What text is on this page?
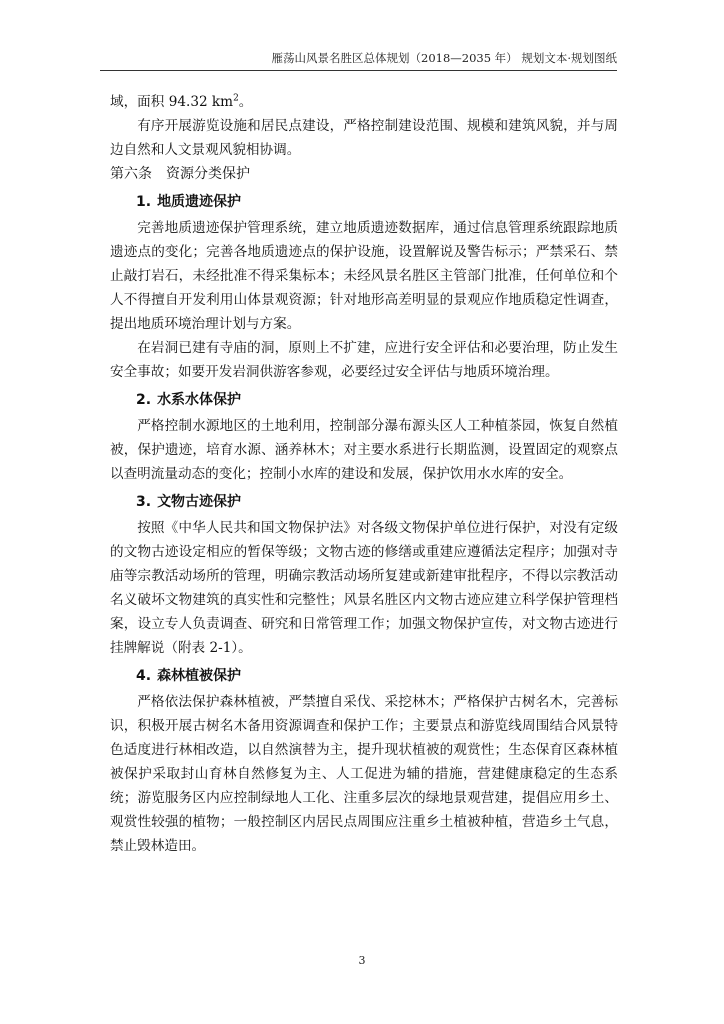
雁荡山风景名胜区总体规划（2018—2035 年） 规划文本·规划图纸

域，面积 94.32 $km^2$。

有序开展游览设施和居民点建设，严格控制建设范围、规模和建筑风貌，并与周边自然和人文景观风貌相协调。

第六条 资源分类保护
1. 地质遗迹保护

完善地质遗迹保护管理系统，建立地质遗迹数据库，通过信息管理系统跟踪地质遗迹点的变化；完善各地质遗迹点的保护设施，设置解说及警告标示；严禁采石、禁止敲打岩石，未经批准不得采集标本；未经风景名胜区主管部门批准，任何单位和个人不得擅自开发利用山体景观资源；针对地形高差明显的景观应作地质稳定性调查，提出地质环境治理计划与方案。

在岩洞已建有寺庙的洞，原则上不扩建，应进行安全评估和必要治理，防止发生安全事故；如要开发岩洞供游客参观，必要经过安全评估与地质环境治理。

2. 水系水体保护

严格控制水源地区的土地利用，控制部分瀑布源头区人工种植茶园，恢复自然植被，保护遗迹，培育水源、涵养林木；对主要水系进行长期监测，设置固定的观察点以查明流量动态的变化；控制小水库的建设和发展，保护饮用水水库的安全。

3. 文物古迹保护

按照《中华人民共和国文物保护法》对各级文物保护单位进行保护，对没有定级的文物古迹设定相应的暂保等级；文物古迹的修缮或重建应遵循法定程序；加强对寺庙等宗教活动场所的管理，明确宗教活动场所复建或新建审批程序，不得以宗教活动名义破坏文物建筑的真实性和完整性；风景名胜区内文物古迹应建立科学保护管理档案，设立专人负责调查、研究和日常管理工作；加强文物保护宣传，对文物古迹进行挂牌解说（附表 2-1）。

4. 森林植被保护

严格依法保护森林植被，严禁擅自采伐、采挖林木；严格保护古树名木，完善标识，积极开展古树名木备用资源调查和保护工作；主要景点和游览线周围结合风景特色适度进行林相改造，以自然演替为主，提升现状植被的观赏性；生态保育区森林植被保护采取封山育林自然修复为主、人工促进为辅的措施，营建健康稳定的生态系统；游览服务区内应控制绿地人工化、注重多层次的绿地景观营建，提倡应用乡土、观赏性较强的植物；一般控制区内居民点周围应注重乡土植被种植，营造乡土气息，禁止毁林造田。

3
